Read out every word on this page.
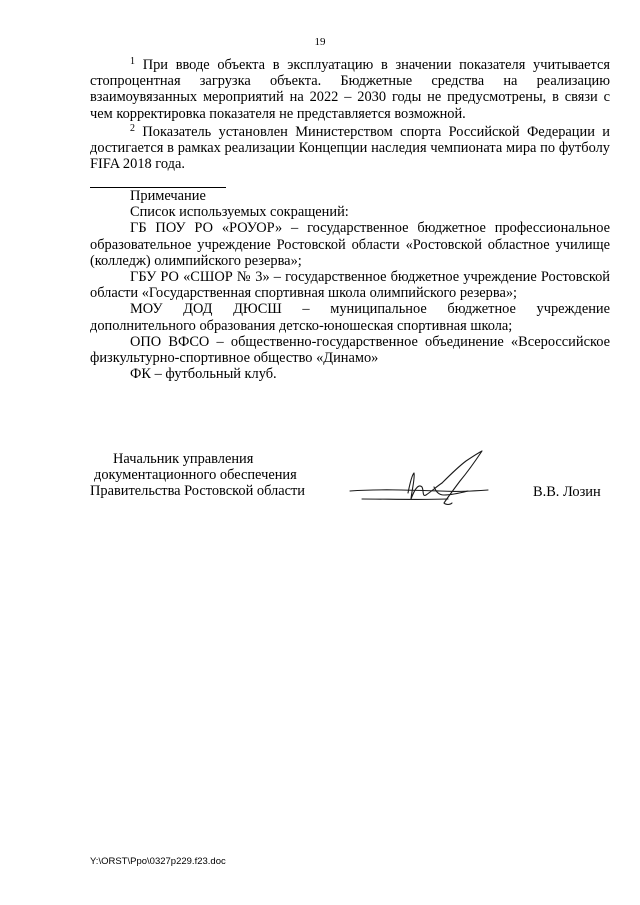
19

$^1$ При вводе объекта в эксплуатацию в значении показателя учитывается стопроцентная загрузка объекта. Бюджетные средства на реализацию взаимоувязанных мероприятий на 2022 – 2030 годы не предусмотрены, в связи с чем корректировка показателя не представляется возможной.

$^2$ Показатель установлен Министерством спорта Российской Федерации и достигается в рамках реализации Концепции наследия чемпионата мира по футболу FIFA 2018 года.

Примечание

Список используемых сокращений:

ГБ ПОУ РО «РОУОР» – государственное бюджетное профессиональное образовательное учреждение Ростовской области «Ростовской областное училище (колледж) олимпийского резерва»;

ГБУ РО «СШОР № 3» – государственное бюджетное учреждение Ростовской области «Государственная спортивная школа олимпийского резерва»;

МОУ ДОД ДЮСШ – муниципальное бюджетное учреждение дополнительного образования детско-юношеская спортивная школа;

ОПО ВФСО – общественно-государственное объединение «Всероссийское физкультурно-спортивное общество «Динамо»

ФК – футбольный клуб.

Начальник управления
документационного обеспечения
Правительства Ростовской области	В.В. Лозин
Y:\ORST\Ppo\0327p229.f23.doc
